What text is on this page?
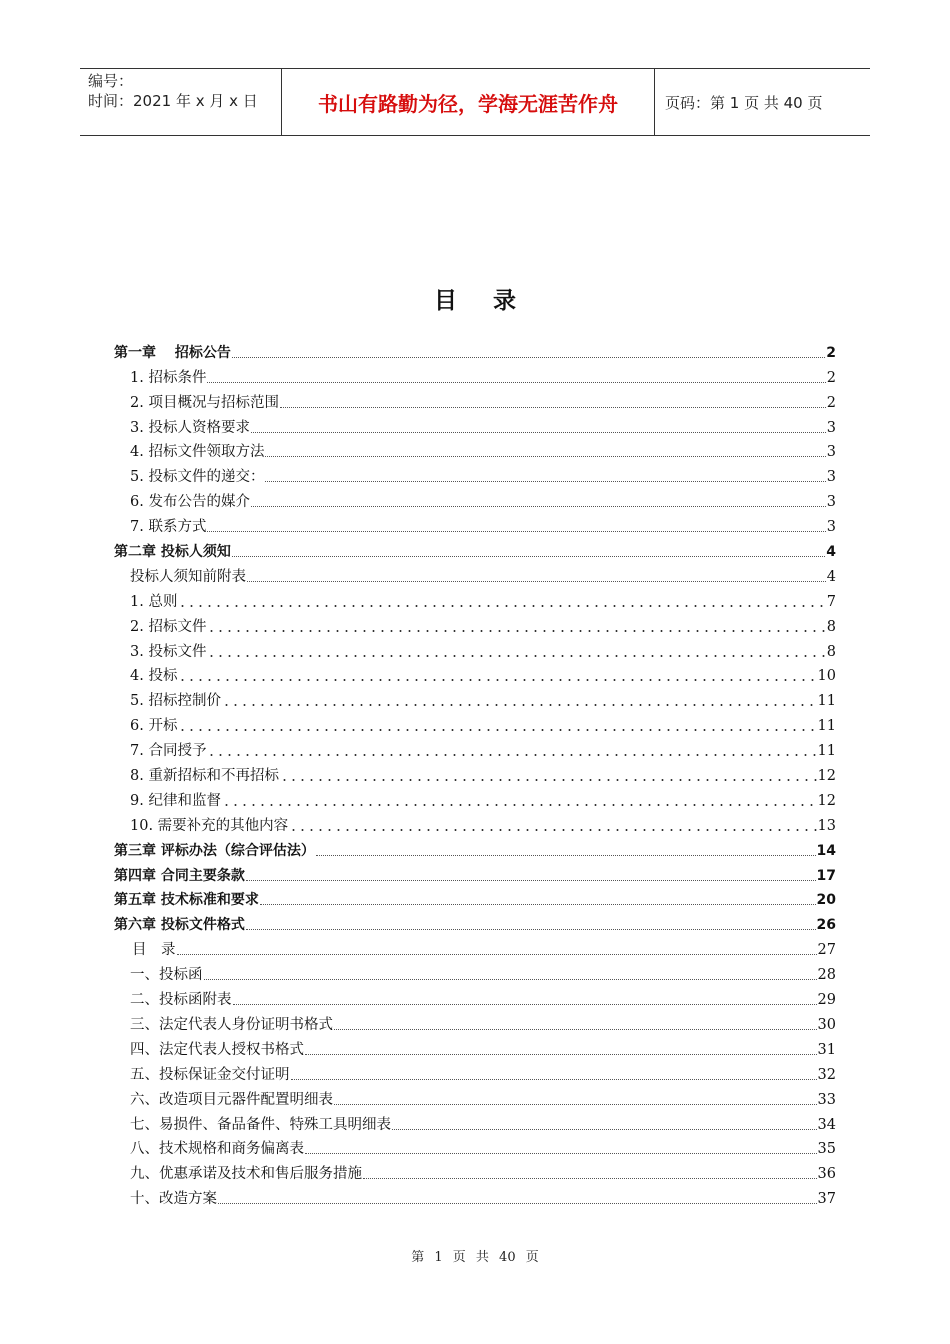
编号：
时间：2021 年 x 月 x 日	书山有路勤为径，学海无涯苦作舟	页码：第 1 页 共 40 页
目录
第一章　 招标公告	2
1. 招标条件	2
2. 项目概况与招标范围	2
3. 投标人资格要求	3
4. 招标文件领取方法	3
5. 投标文件的递交：	3
6. 发布公告的媒介	3
7. 联系方式	3
第二章 投标人须知	4
投标人须知前附表	4
1. 总则	7
2. 招标文件	8
3. 投标文件	8
4. 投标	10
5. 招标控制价	11
6. 开标	11
7. 合同授予	11
8. 重新招标和不再招标	12
9. 纪律和监督	12
10. 需要补充的其他内容	13
第三章 评标办法（综合评估法）	14
第四章 合同主要条款	17
第五章 技术标准和要求	20
第六章 投标文件格式	26
目　录	27
一、投标函	28
二、投标函附表	29
三、法定代表人身份证明书格式	30
四、法定代表人授权书格式	31
五、投标保证金交付证明	32
六、改造项目元器件配置明细表	33
七、易损件、备品备件、特殊工具明细表	34
八、技术规格和商务偏离表	35
九、优惠承诺及技术和售后服务措施	36
十、改造方案	37
第 1 页 共 40 页
